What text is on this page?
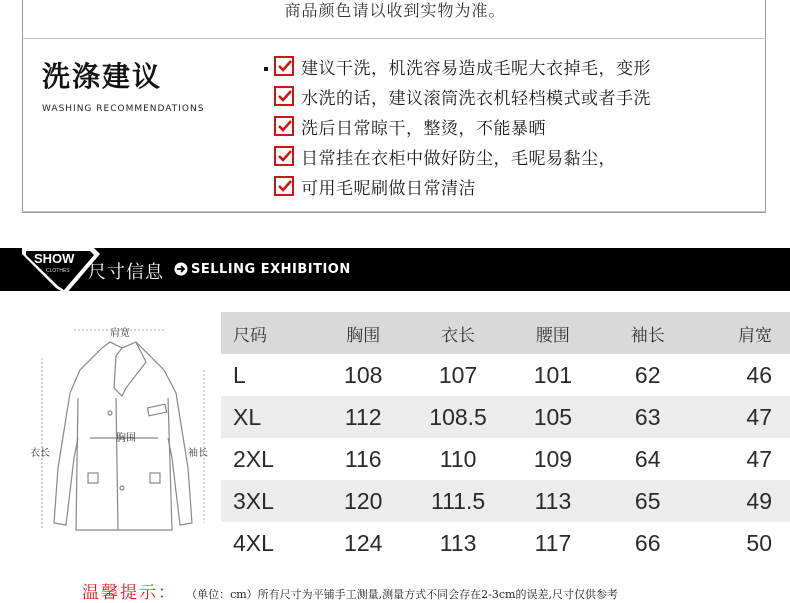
商品颜色请以收到实物为准。
洗涤建议
WASHING RECOMMENDATIONS
建议干洗，机洗容易造成毛呢大衣掉毛，变形
水洗的话，建议滚筒洗衣机轻档模式或者手洗
洗后日常晾干，整烫，不能暴晒
日常挂在衣柜中做好防尘，毛呢易黏尘，
可用毛呢刷做日常清洁
SHOW
CLOTHES 尺寸信息 SELLING EXHIBITION
肩宽
胸围
衣长	袖长
尺码	胸围	衣长	腰围	袖长	肩宽
L	108	107	101	62	46
XL	112	108.5	105	63	47
2XL	116	110	109	64	47
3XL	120	111.5	113	65	49
4XL	124	113	117	66	50
温馨提示： （单位：cm）所有尺寸为平铺手工测量,测量方式不同会存在2-3cm的误差,尺寸仅供参考
